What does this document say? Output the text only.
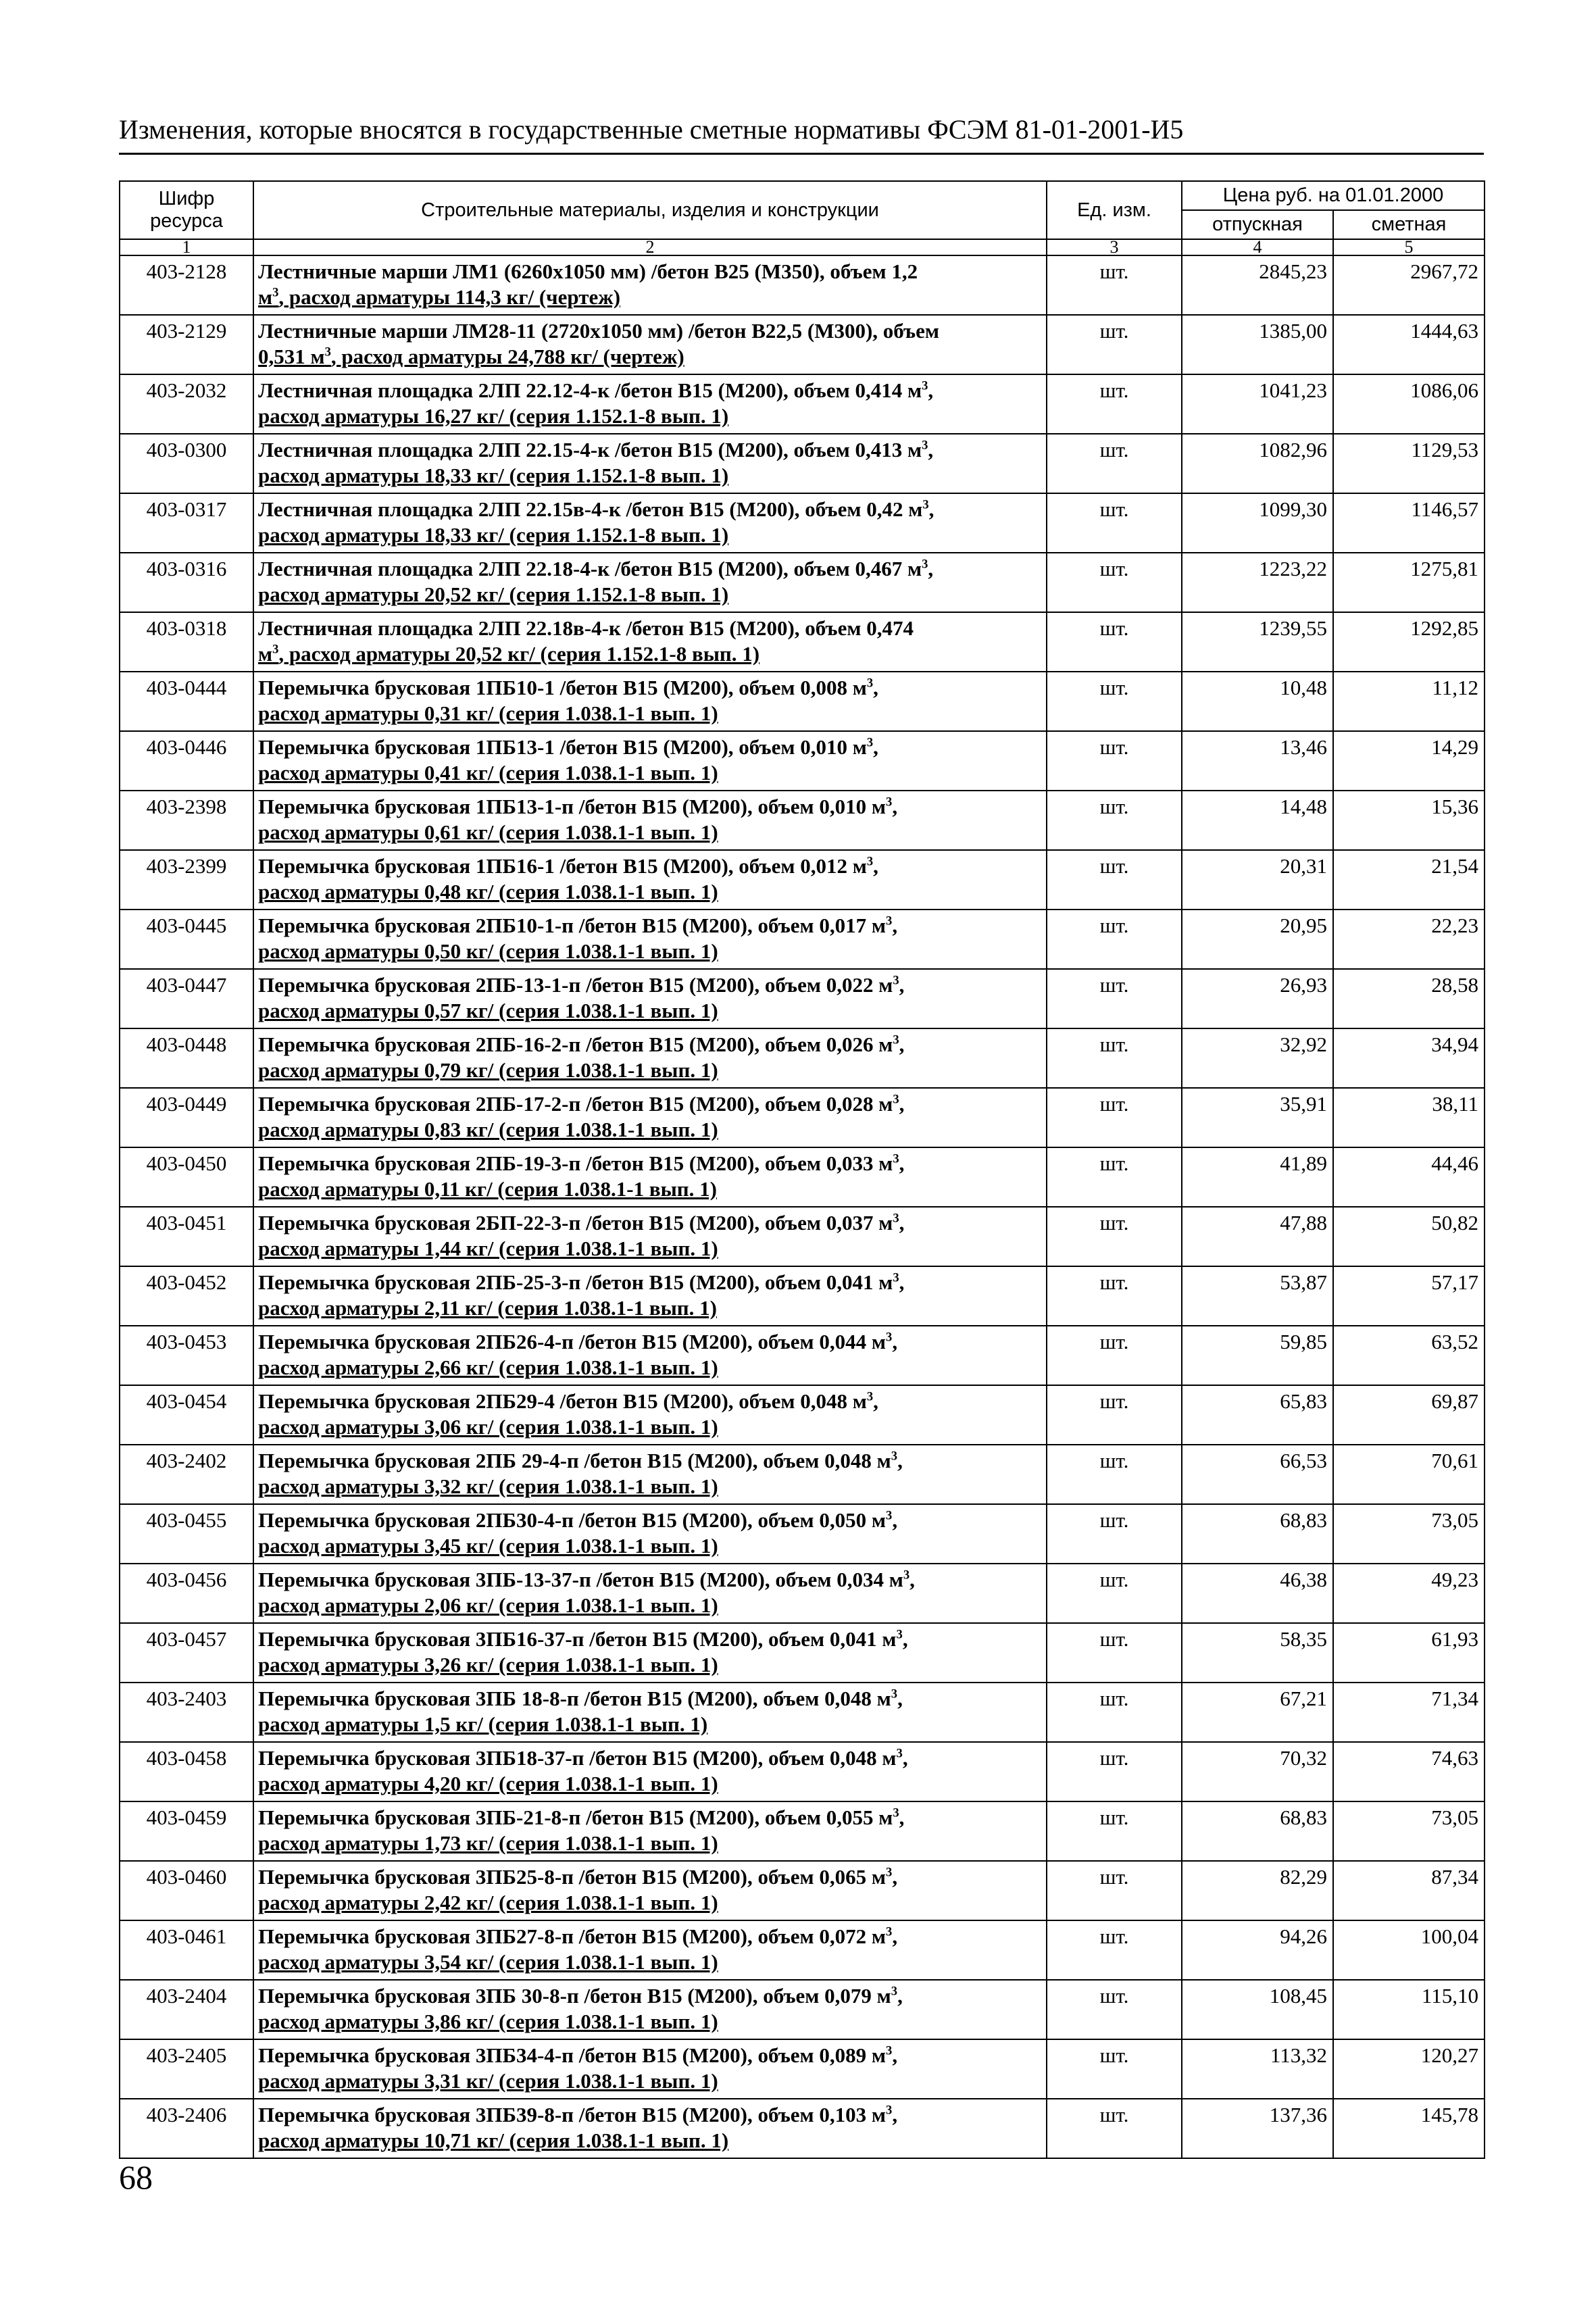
Изменения, которые вносятся в государственные сметные нормативы ФСЭМ 81-01-2001-И5
Шифр ресурса	Строительные материалы, изделия и конструкции	Ед. изм.	Цена руб. на 01.01.2000	
			отпускная	сметная
1	2	3	4	5
403-2128	Лестничные марши ЛМ1 (6260x1050 мм) /бетон В25 (М350), объем 1,2
$м^3$, расход арматуры 114,3 кг/ (чертеж)	шт.	2845,23	2967,72
403-2129	Лестничные марши ЛМ28-11 (2720x1050 мм) /бетон В22,5 (М300), объем
0,531 $м^3$, расход арматуры 24,788 кг/ (чертеж)	шт.	1385,00	1444,63
403-2032	Лестничная площадка 2ЛП 22.12-4-к /бетон В15 (М200), объем 0,414 $м^3$,
расход арматуры 16,27 кг/ (серия 1.152.1-8 вып. 1)	шт.	1041,23	1086,06
403-0300	Лестничная площадка 2ЛП 22.15-4-к /бетон В15 (М200), объем 0,413 $м^3$,
расход арматуры 18,33 кг/ (серия 1.152.1-8 вып. 1)	шт.	1082,96	1129,53
403-0317	Лестничная площадка 2ЛП 22.15в-4-к /бетон В15 (М200), объем 0,42 $м^3$,
расход арматуры 18,33 кг/ (серия 1.152.1-8 вып. 1)	шт.	1099,30	1146,57
403-0316	Лестничная площадка 2ЛП 22.18-4-к /бетон В15 (М200), объем 0,467 $м^3$,
расход арматуры 20,52 кг/ (серия 1.152.1-8 вып. 1)	шт.	1223,22	1275,81
403-0318	Лестничная площадка 2ЛП 22.18в-4-к /бетон В15 (М200), объем 0,474
$м^3$, расход арматуры 20,52 кг/ (серия 1.152.1-8 вып. 1)	шт.	1239,55	1292,85
403-0444	Перемычка брусковая 1ПБ10-1 /бетон В15 (М200), объем 0,008 $м^3$,
расход арматуры 0,31 кг/ (серия 1.038.1-1 вып. 1)	шт.	10,48	11,12
403-0446	Перемычка брусковая 1ПБ13-1 /бетон В15 (М200), объем 0,010 $м^3$,
расход арматуры 0,41 кг/ (серия 1.038.1-1 вып. 1)	шт.	13,46	14,29
403-2398	Перемычка брусковая 1ПБ13-1-п /бетон В15 (М200), объем 0,010 $м^3$,
расход арматуры 0,61 кг/ (серия 1.038.1-1 вып. 1)	шт.	14,48	15,36
403-2399	Перемычка брусковая 1ПБ16-1 /бетон В15 (М200), объем 0,012 $м^3$,
расход арматуры 0,48 кг/ (серия 1.038.1-1 вып. 1)	шт.	20,31	21,54
403-0445	Перемычка брусковая 2ПБ10-1-п /бетон В15 (М200), объем 0,017 $м^3$,
расход арматуры 0,50 кг/ (серия 1.038.1-1 вып. 1)	шт.	20,95	22,23
403-0447	Перемычка брусковая 2ПБ-13-1-п /бетон В15 (М200), объем 0,022 $м^3$,
расход арматуры 0,57 кг/ (серия 1.038.1-1 вып. 1)	шт.	26,93	28,58
403-0448	Перемычка брусковая 2ПБ-16-2-п /бетон В15 (М200), объем 0,026 $м^3$,
расход арматуры 0,79 кг/ (серия 1.038.1-1 вып. 1)	шт.	32,92	34,94
403-0449	Перемычка брусковая 2ПБ-17-2-п /бетон В15 (М200), объем 0,028 $м^3$,
расход арматуры 0,83 кг/ (серия 1.038.1-1 вып. 1)	шт.	35,91	38,11
403-0450	Перемычка брусковая 2ПБ-19-3-п /бетон В15 (М200), объем 0,033 $м^3$,
расход арматуры 0,11 кг/ (серия 1.038.1-1 вып. 1)	шт.	41,89	44,46
403-0451	Перемычка брусковая 2БП-22-3-п /бетон В15 (М200), объем 0,037 $м^3$,
расход арматуры 1,44 кг/ (серия 1.038.1-1 вып. 1)	шт.	47,88	50,82
403-0452	Перемычка брусковая 2ПБ-25-3-п /бетон В15 (М200), объем 0,041 $м^3$,
расход арматуры 2,11 кг/ (серия 1.038.1-1 вып. 1)	шт.	53,87	57,17
403-0453	Перемычка брусковая 2ПБ26-4-п /бетон В15 (М200), объем 0,044 $м^3$,
расход арматуры 2,66 кг/ (серия 1.038.1-1 вып. 1)	шт.	59,85	63,52
403-0454	Перемычка брусковая 2ПБ29-4 /бетон В15 (М200), объем 0,048 $м^3$,
расход арматуры 3,06 кг/ (серия 1.038.1-1 вып. 1)	шт.	65,83	69,87
403-2402	Перемычка брусковая 2ПБ 29-4-п /бетон В15 (М200), объем 0,048 $м^3$,
расход арматуры 3,32 кг/ (серия 1.038.1-1 вып. 1)	шт.	66,53	70,61
403-0455	Перемычка брусковая 2ПБ30-4-п /бетон В15 (М200), объем 0,050 $м^3$,
расход арматуры 3,45 кг/ (серия 1.038.1-1 вып. 1)	шт.	68,83	73,05
403-0456	Перемычка брусковая 3ПБ-13-37-п /бетон В15 (М200), объем 0,034 $м^3$,
расход арматуры 2,06 кг/ (серия 1.038.1-1 вып. 1)	шт.	46,38	49,23
403-0457	Перемычка брусковая 3ПБ16-37-п /бетон В15 (М200), объем 0,041 $м^3$,
расход арматуры 3,26 кг/ (серия 1.038.1-1 вып. 1)	шт.	58,35	61,93
403-2403	Перемычка брусковая 3ПБ 18-8-п /бетон В15 (М200), объем 0,048 $м^3$,
расход арматуры 1,5 кг/ (серия 1.038.1-1 вып. 1)	шт.	67,21	71,34
403-0458	Перемычка брусковая 3ПБ18-37-п /бетон В15 (М200), объем 0,048 $м^3$,
расход арматуры 4,20 кг/ (серия 1.038.1-1 вып. 1)	шт.	70,32	74,63
403-0459	Перемычка брусковая 3ПБ-21-8-п /бетон В15 (М200), объем 0,055 $м^3$,
расход арматуры 1,73 кг/ (серия 1.038.1-1 вып. 1)	шт.	68,83	73,05
403-0460	Перемычка брусковая 3ПБ25-8-п /бетон В15 (М200), объем 0,065 $м^3$,
расход арматуры 2,42 кг/ (серия 1.038.1-1 вып. 1)	шт.	82,29	87,34
403-0461	Перемычка брусковая 3ПБ27-8-п /бетон В15 (М200), объем 0,072 $м^3$,
расход арматуры 3,54 кг/ (серия 1.038.1-1 вып. 1)	шт.	94,26	100,04
403-2404	Перемычка брусковая 3ПБ 30-8-п /бетон В15 (М200), объем 0,079 $м^3$,
расход арматуры 3,86 кг/ (серия 1.038.1-1 вып. 1)	шт.	108,45	115,10
403-2405	Перемычка брусковая 3ПБ34-4-п /бетон В15 (М200), объем 0,089 $м^3$,
расход арматуры 3,31 кг/ (серия 1.038.1-1 вып. 1)	шт.	113,32	120,27
403-2406	Перемычка брусковая 3ПБ39-8-п /бетон В15 (М200), объем 0,103 $м^3$,
расход арматуры 10,71 кг/ (серия 1.038.1-1 вып. 1)	шт.	137,36	145,78
68
